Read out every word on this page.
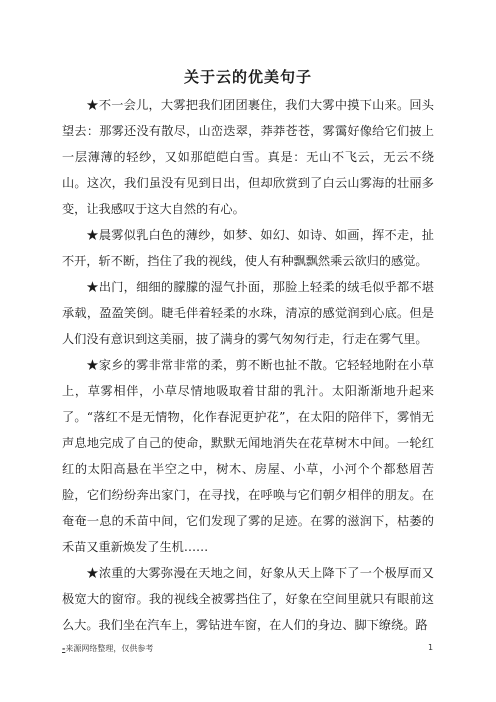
关于云的优美句子

★不一会儿，大雾把我们团团裹住，我们大雾中摸下山来。回头望去：那雾还没有散尽，山峦迭翠，莽莽苍苍，雾霭好像给它们披上一层薄薄的轻纱，又如那皑皑白雪。真是：无山不飞云，无云不绕山。这次，我们虽没有见到日出，但却欣赏到了白云山雾海的壮丽多变，让我感叹于这大自然的有心。

★晨雾似乳白色的薄纱，如梦、如幻、如诗、如画，挥不走，扯不开，斩不断，挡住了我的视线，使人有种飘飘然乘云欲归的感觉。

★出门，细细的朦朦的湿气扑面，那脸上轻柔的绒毛似乎都不堪承载，盈盈笑倒。睫毛伴着轻柔的水珠，清凉的感觉润到心底。但是人们没有意识到这美丽，披了满身的雾气匆匆行走，行走在雾气里。

★家乡的雾非常非常的柔，剪不断也扯不散。它轻轻地附在小草上，草雾相伴，小草尽情地吸取着甘甜的乳汁。太阳渐渐地升起来了。“落红不是无情物，化作春泥更护花”，在太阳的陪伴下，雾悄无声息地完成了自己的使命，默默无闻地消失在花草树木中间。一轮红红的太阳高悬在半空之中，树木、房屋、小草，小河个个都愁眉苦脸，它们纷纷奔出家门，在寻找，在呼唤与它们朝夕相伴的朋友。在奄奄一息的禾苗中间，它们发现了雾的足迹。在雾的滋润下，枯萎的禾苗又重新焕发了生机……

★浓重的大雾弥漫在天地之间，好象从天上降下了一个极厚而又极宽大的窗帘。我的视线全被雾挡住了，好象在空间里就只有眼前这么大。我们坐在汽车上，雾钻进车窗，在人们的身边、脚下缭绕。路

-来源网络整理，仅供参考	1
